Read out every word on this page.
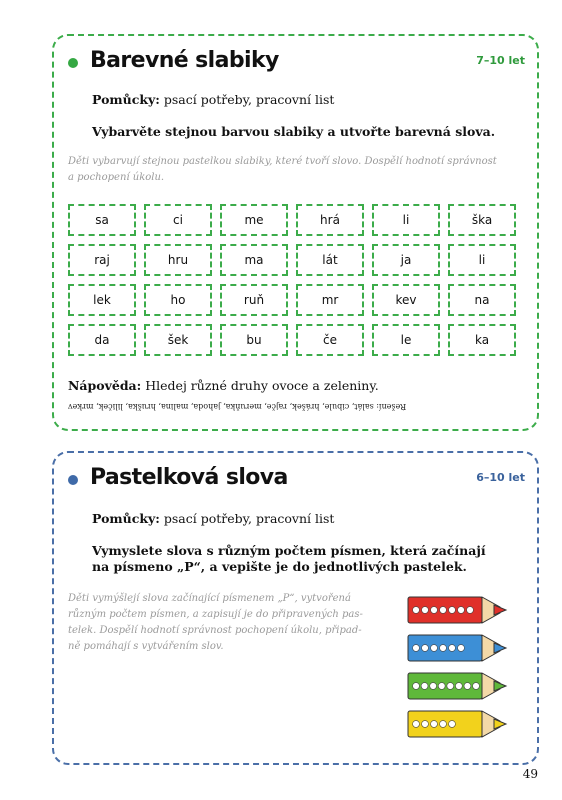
Barevné slabiky	7–10 let
Pomůcky: psací potřeby, pracovní list
Vybarvěte stejnou barvou slabiky a utvořte barevná slova.
Děti vybarvují stejnou pastelkou slabiky, které tvoří slovo. Dospělí hodnotí správnost
a pochopení úkolu.
sa	ci	me	hrá	li	ška
raj	hru	ma	lát	ja	li
lek	ho	ruň	mr	kev	na
da	šek	bu	če	le	ka
Nápověda: Hledej různé druhy ovoce a zeleniny.
Řešení: salát, cibule, hrášek, rajče, meruňka, jahoda, malina, hruška, liliček, mrkev
Pastelková slova	6–10 let
Pomůcky: psací potřeby, pracovní list
Vymyslete slova s různým počtem písmen, která začínají
na písmeno „P“, a vepište je do jednotlivých pastelek.
Děti vymýšlejí slova začínající písmenem „P“, vytvořená
různým počtem písmen, a zapisují je do připravených pas-
telek. Dospělí hodnotí správnost pochopení úkolu, připad-
ně pomáhají s vytvářením slov.
49
